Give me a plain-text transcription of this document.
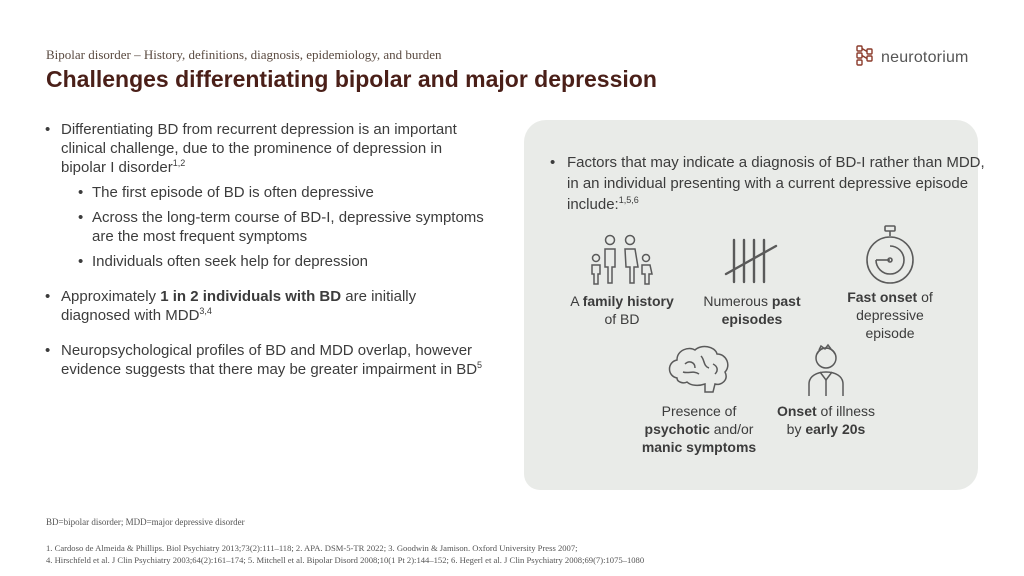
Bipolar disorder – History, definitions, diagnosis, epidemiology, and burden
Challenges differentiating bipolar and major depression
neurotorium
• Differentiating BD from recurrent depression is an important clinical challenge, due to the prominence of depression in bipolar I disorder$^{1,2}$
• The first episode of BD is often depressive
• Across the long-term course of BD-I, depressive symptoms are the most frequent symptoms
• Individuals often seek help for depression
• Approximately 1 in 2 individuals with BD are initially diagnosed with MDD$^{3,4}$
• Neuropsychological profiles of BD and MDD overlap, however evidence suggests that there may be greater impairment in $BD^5$
• Factors that may indicate a diagnosis of BD-I rather than MDD, in an individual presenting with a current depressive episode include:$^{1,5,6}$
A family history
of BD
Numerous past
episodes
Fast onset of
depressive
episode
Presence of
psychotic and/or
manic symptoms
Onset of illness
by early 20s
BD=bipolar disorder; MDD=major depressive disorder
1. Cardoso de Almeida & Phillips. Biol Psychiatry 2013;73(2):111–118; 2. APA. DSM-5-TR 2022; 3. Goodwin & Jamison. Oxford University Press 2007;
4. Hirschfeld et al. J Clin Psychiatry 2003;64(2):161–174; 5. Mitchell et al. Bipolar Disord 2008;10(1 Pt 2):144–152; 6. Hegerl et al. J Clin Psychiatry 2008;69(7):1075–1080
